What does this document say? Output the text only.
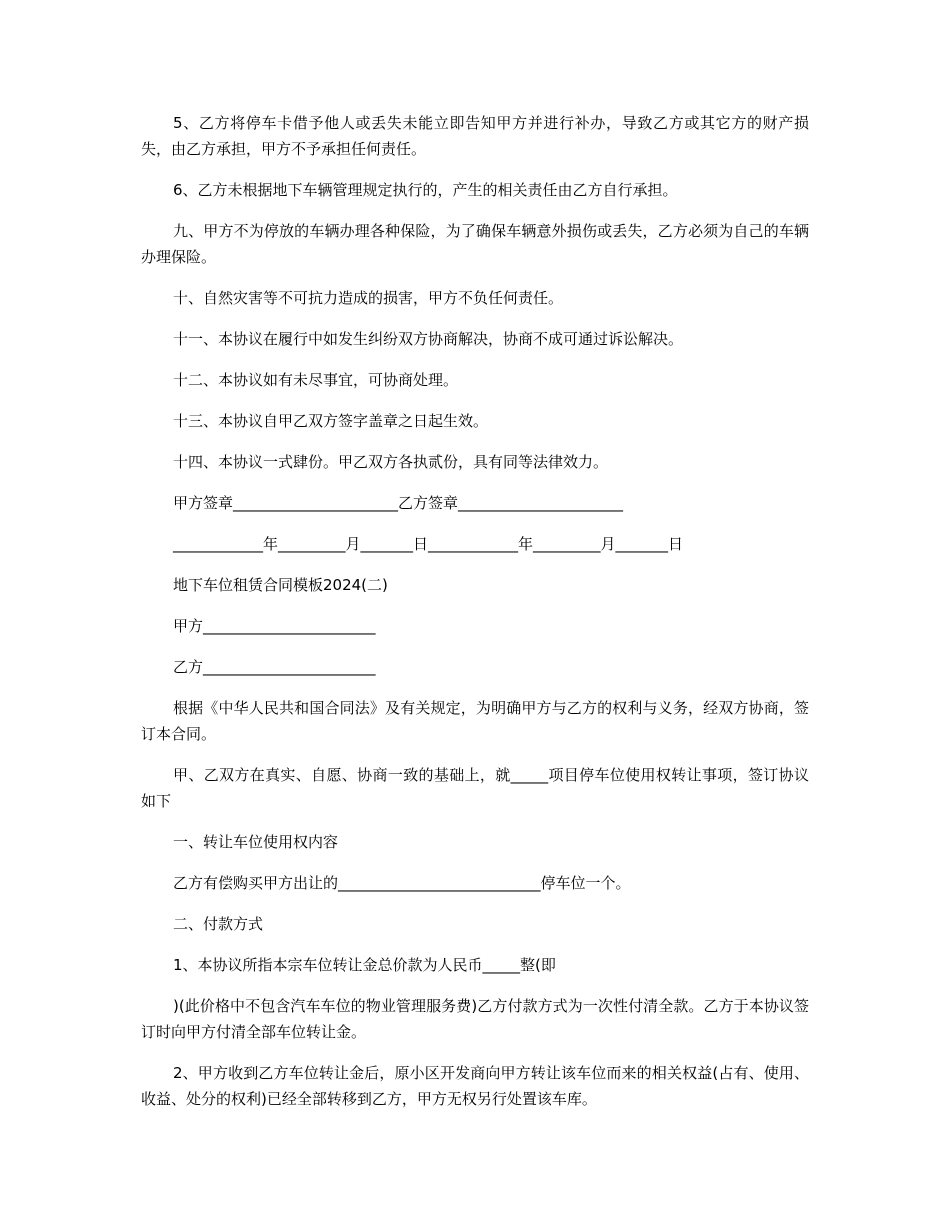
5、乙方将停车卡借予他人或丢失未能立即告知甲方并进行补办，导致乙方或其它方的财产损失，由乙方承担，甲方不予承担任何责任。

6、乙方未根据地下车辆管理规定执行的，产生的相关责任由乙方自行承担。

九、甲方不为停放的车辆办理各种保险，为了确保车辆意外损伤或丢失，乙方必须为自己的车辆办理保险。

十、自然灾害等不可抗力造成的损害，甲方不负任何责任。

十一、本协议在履行中如发生纠纷双方协商解决，协商不成可通过诉讼解决。

十二、本协议如有未尽事宜，可协商处理。

十三、本协议自甲乙双方签字盖章之日起生效。

十四、本协议一式肆份。甲乙双方各执贰份，具有同等法律效力。

甲方签章______________________乙方签章______________________

____________年_________月_______日____________年_________月_______日

地下车位租赁合同模板2024(二)

甲方_______________________

乙方_______________________

根据《中华人民共和国合同法》及有关规定，为明确甲方与乙方的权利与义务，经双方协商，签订本合同。

甲、乙双方在真实、自愿、协商一致的基础上，就_____项目停车位使用权转让事项，签订协议如下

一、转让车位使用权内容

乙方有偿购买甲方出让的___________________________停车位一个。

二、付款方式

1、本协议所指本宗车位转让金总价款为人民币_____整(即

)(此价格中不包含汽车车位的物业管理服务费)乙方付款方式为一次性付清全款。乙方于本协议签订时向甲方付清全部车位转让金。

2、甲方收到乙方车位转让金后，原小区开发商向甲方转让该车位而来的相关权益(占有、使用、收益、处分的权利)已经全部转移到乙方，甲方无权另行处置该车库。
